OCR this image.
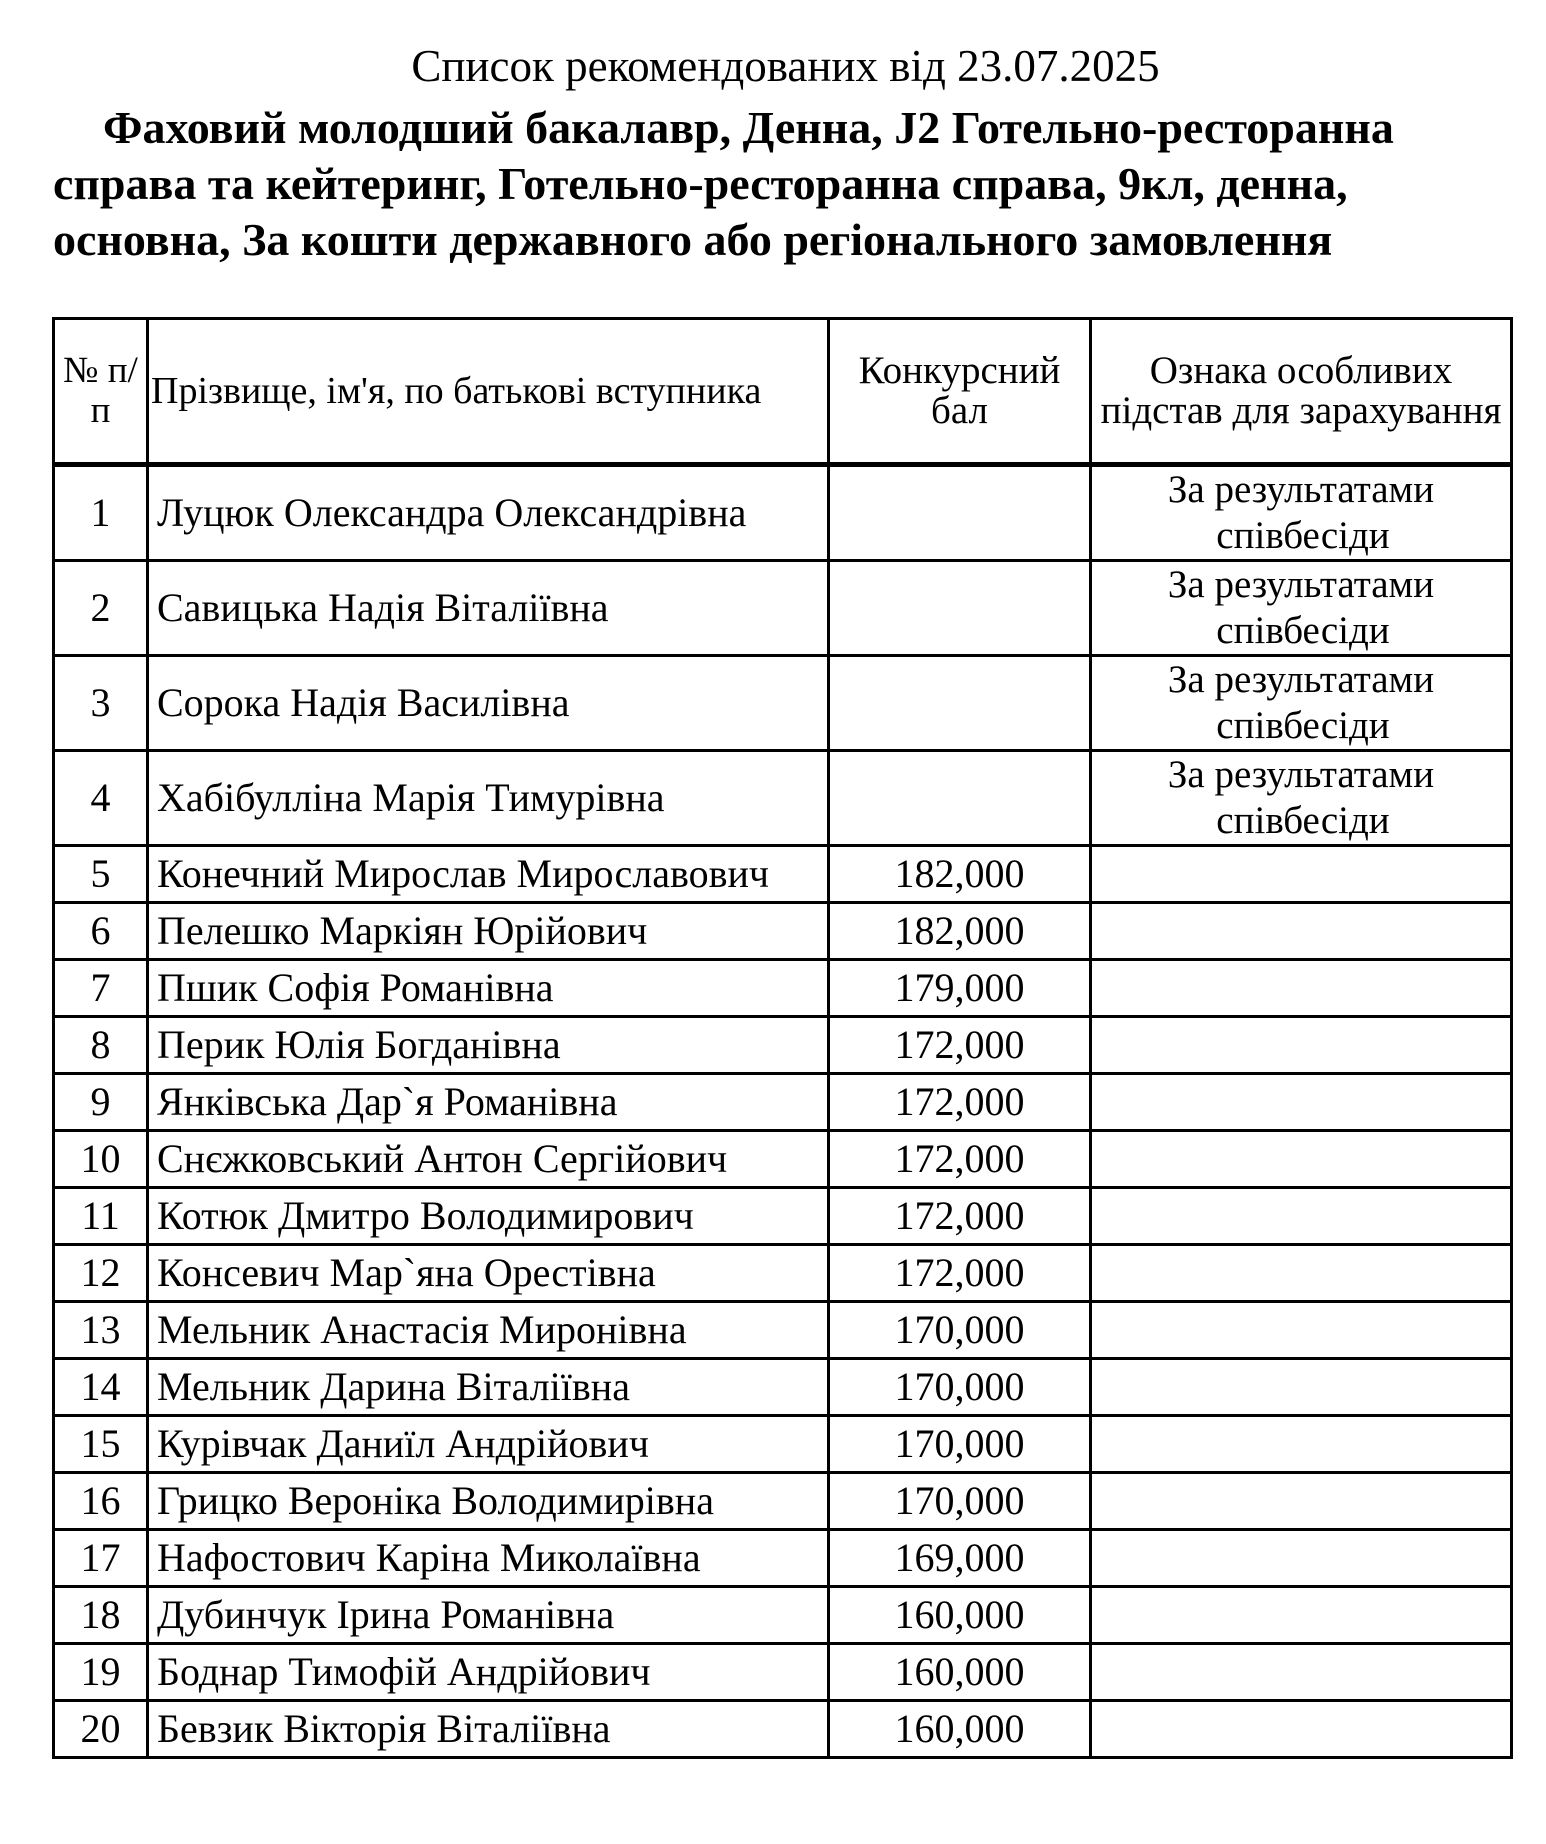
Список рекомендованих від 23.07.2025

Фаховий молодший бакалавр, Денна, J2 Готельно-ресторанна справа та кейтеринг, Готельно-ресторанна справа, 9кл, денна, основна, За кошти державного або регіонального замовлення

№ п/п	Прізвище, ім'я, по батькові вступника	Конкурсний бал	Ознака особливих підстав для зарахування
1	Луцюк Олександра Олександрівна		За результатами
співбесіди

2	Савицька Надія Віталіївна		За результатами
співбесіди

3	Сорока Надія Василівна		За результатами
співбесіди

4	Хабібулліна Марія Тимурівна		За результатами
співбесіди

5	Конечний Мирослав Мирославович	182,000	
6	Пелешко Маркіян Юрійович	182,000	
7	Пшик Софія Романівна	179,000	
8	Перик Юлія Богданівна	172,000	
9	Янківська Дар`я Романівна	172,000	
10	Снєжковський Антон Сергійович	172,000	
11	Котюк Дмитро Володимирович	172,000	
12	Консевич Мар`яна Орестівна	172,000	
13	Мельник Анастасія Миронівна	170,000	
14	Мельник Дарина Віталіївна	170,000	
15	Курівчак Даниїл Андрійович	170,000	
16	Грицко Вероніка Володимирівна	170,000	
17	Нафостович Каріна Миколаївна	169,000	
18	Дубинчук Ірина Романівна	160,000	
19	Боднар Тимофій Андрійович	160,000	
20	Бевзик Вікторія Віталіївна	160,000	
